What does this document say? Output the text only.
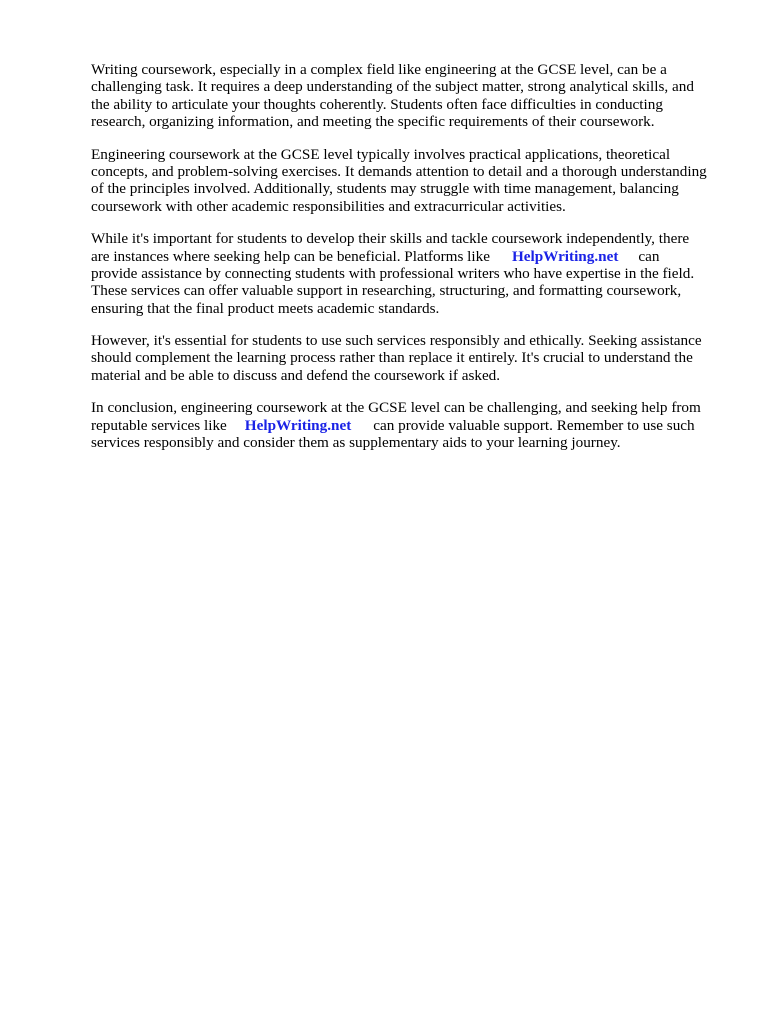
Writing coursework, especially in a complex field like engineering at the GCSE level, can be a
challenging task. It requires a deep understanding of the subject matter, strong analytical skills, and
the ability to articulate your thoughts coherently. Students often face difficulties in conducting
research, organizing information, and meeting the specific requirements of their coursework.

Engineering coursework at the GCSE level typically involves practical applications, theoretical
concepts, and problem-solving exercises. It demands attention to detail and a thorough understanding
of the principles involved. Additionally, students may struggle with time management, balancing
coursework with other academic responsibilities and extracurricular activities.

While it's important for students to develop their skills and tackle coursework independently, there
are instances where seeking help can be beneficial. Platforms like HelpWriting.net can
provide assistance by connecting students with professional writers who have expertise in the field.
These services can offer valuable support in researching, structuring, and formatting coursework,
ensuring that the final product meets academic standards.

However, it's essential for students to use such services responsibly and ethically. Seeking assistance
should complement the learning process rather than replace it entirely. It's crucial to understand the
material and be able to discuss and defend the coursework if asked.

In conclusion, engineering coursework at the GCSE level can be challenging, and seeking help from
reputable services like HelpWriting.net can provide valuable support. Remember to use such
services responsibly and consider them as supplementary aids to your learning journey.
